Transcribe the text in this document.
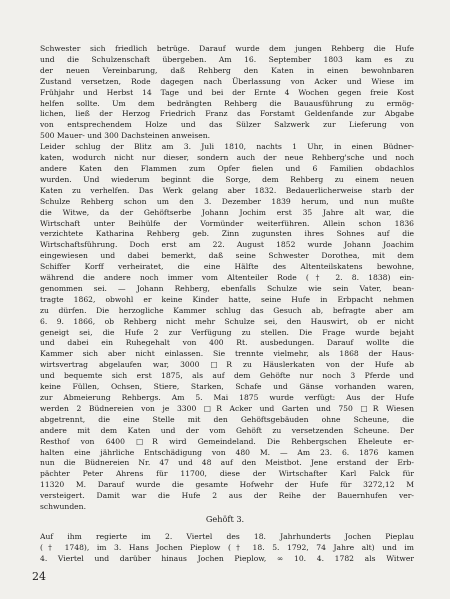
Schwester sich friedlich betrüge. Darauf wurde dem jungen Rehberg die Hufe

und die Schulzenschaft übergeben. Am 16. September 1803 kam es zu

der neuen Vereinbarung, daß Rehberg den Katen in einen bewohnbaren

Zustand versetzen, Rode dagegen nach Überlassung von Acker und Wiese im

Frühjahr und Herbst 14 Tage und bei der Ernte 4 Wochen gegen freie Kost

helfen sollte. Um dem bedrängten Rehberg die Bauausführung zu ermög-

lichen, ließ der Herzog Friedrich Franz das Forstamt Geldenfande zur Abgabe

von entsprechendem Holze und das Sülzer Salzwerk zur Lieferung von

500 Mauer- und 300 Dachsteinen anweisen.

Leider schlug der Blitz am 3. Juli 1810, nachts 1 Uhr, in einen Büdner-

katen, wodurch nicht nur dieser, sondern auch der neue Rehberg'sche und noch

andere Katen den Flammen zum Opfer fielen und 6 Familien obdachlos

wurden. Und wiederum beginnt die Sorge, dem Rehberg zu einem neuen

Katen zu verhelfen. Das Werk gelang aber 1832. Bedauerlicherweise starb der

Schulze Rehberg schon um den 3. Dezember 1839 herum, und nun mußte

die Witwe, da der Gehöftserbe Johann Jochim erst 35 Jahre alt war, die

Wirtschaft unter Beihülfe der Vormünder weiterführen. Allein schon 1836

verzichtete Katharina Rehberg geb. Zinn zugunsten ihres Sohnes auf die

Wirtschaftsführung. Doch erst am 22. August 1852 wurde Johann Joachim

eingewiesen und dabei bemerkt, daß seine Schwester Dorothea, mit dem

Schiffer Korff verheiratet, die eine Hälfte des Altenteilskatens bewohne,

während die andere noch immer vom Altenteiler Rode († 2. 8. 1838) ein-

genommen sei. — Johann Rehberg, ebenfalls Schulze wie sein Vater, bean-

tragte 1862, obwohl er keine Kinder hatte, seine Hufe in Erbpacht nehmen

zu dürfen. Die herzogliche Kammer schlug das Gesuch ab, befragte aber am

6. 9. 1866, ob Rehberg nicht mehr Schulze sei, den Hauswirt, ob er nicht

geneigt sei, die Hufe 2 zur Verfügung zu stellen. Die Frage wurde bejaht

und dabei ein Ruhegehalt von 400 Rt. ausbedungen. Darauf wollte die

Kammer sich aber nicht einlassen. Sie trennte vielmehr, als 1868 der Haus-

wirtsvertrag abgelaufen war, 3000 □R zu Häuslerkaten von der Hufe ab

und bequemte sich erst 1875, als auf dem Gehöfte nur noch 3 Pferde und

keine Füllen, Ochsen, Stiere, Starken, Schafe und Gänse vorhanden waren,

zur Abmeierung Rehbergs. Am 5. Mai 1875 wurde verfügt: Aus der Hufe

werden 2 Büdnereien von je 3300 □R Acker und Garten und 750 □R Wiesen

abgetrennt, die eine Stelle mit den Gehöftsgebäuden ohne Scheune, die

andere mit dem Katen und der vom Gehöft zu versetzenden Scheune. Der

Resthof von 6400 □R wird Gemeindeland. Die Rehbergschen Eheleute er-

halten eine jährliche Entschädigung von 480 M. — Am 23. 6. 1876 kamen

nun die Büdnereien Nr. 47 und 48 auf den Meistbot. Jene erstand der Erb-

pächter Peter Ahrens für 11700, diese der Wirtschafter Karl Falck für

11320 M. Darauf wurde die gesamte Hofwehr der Hufe für 3272,12 M

versteigert. Damit war die Hufe 2 aus der Reihe der Bauernhufen ver-

schwunden.

Gehöft 3.

Auf ihm regierte im 2. Viertel des 18. Jahrhunderts Jochen Pieplau

(† 1748), im 3. Hans Jochen Pieplow († 18. 5. 1792, 74 Jahre alt) und im

4. Viertel und darüber hinaus Jochen Pieplow, ∞ 10. 4. 1782 als Witwer

24
